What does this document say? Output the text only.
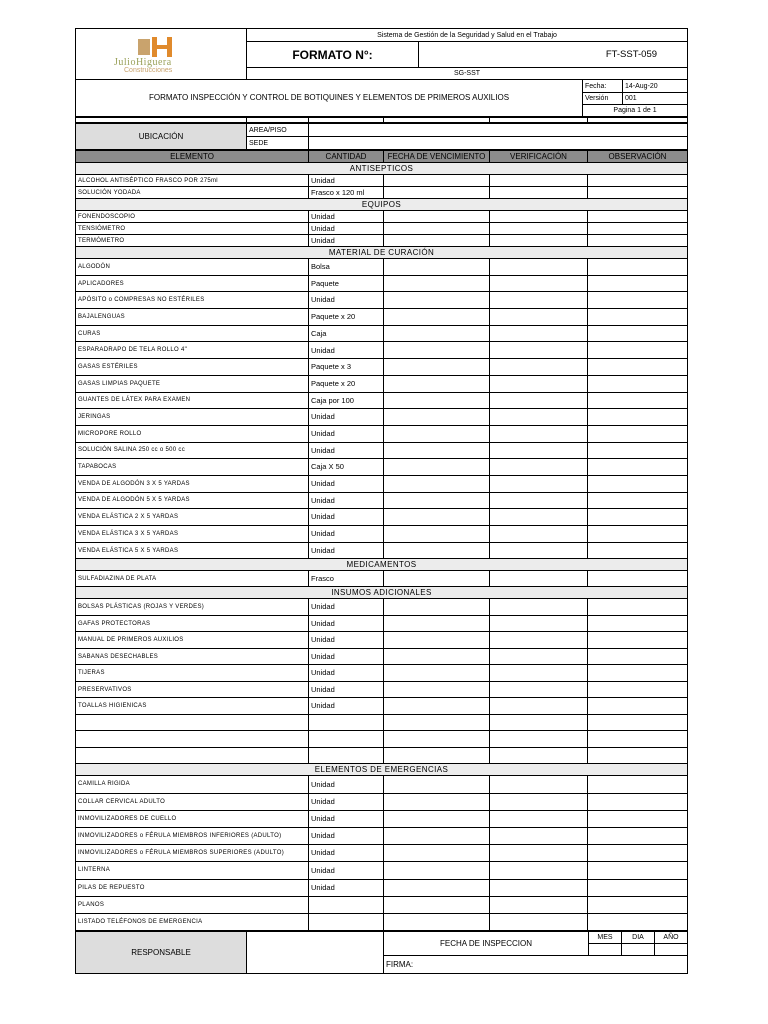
JulioHiguera
Construcciones	Sistema de Gestión de la Seguridad y Salud en el Trabajo			
	FORMATO N°:	FT-SST-059		
	SG-SST			
FORMATO INSPECCIÓN Y CONTROL DE BOTIQUINES Y ELEMENTOS DE PRIMEROS AUXILIOS			Fecha:	14-Aug-20
			Versión	001
			Pagina 1 de 1	

UBICACIÓN	AREA/PISO	
	SEDE	
ELEMENTO	CANTIDAD	FECHA DE VENCIMIENTO	VERIFICACIÓN	OBSERVACIÓN
ANTISEPTICOS				
ALCOHOL ANTISÉPTICO FRASCO POR 275ml	Unidad			
SOLUCIÓN YODADA	Frasco x 120 ml			
EQUIPOS				
FONENDOSCOPIO	Unidad			
TENSIÓMETRO	Unidad			
TERMÓMETRO	Unidad			
MATERIAL DE CURACIÓN				
ALGODÓN	Bolsa			
APLICADORES	Paquete			
APÓSITO o COMPRESAS NO ESTÉRILES	Unidad			
BAJALENGUAS	Paquete x 20			
CURAS	Caja			
ESPARADRAPO DE TELA ROLLO 4"	Unidad			
GASAS ESTÉRILES	Paquete x 3			
GASAS LIMPIAS PAQUETE	Paquete x 20			
GUANTES DE LÁTEX PARA EXAMEN	Caja por 100			
JERINGAS	Unidad			
MICROPORE ROLLO	Unidad			
SOLUCIÓN SALINA 250 cc o 500 cc	Unidad			
TAPABOCAS	Caja X 50			
VENDA DE ALGODÓN 3 X 5 YARDAS	Unidad			
VENDA DE ALGODÓN 5 X 5 YARDAS	Unidad			
VENDA ELÁSTICA 2 X 5 YARDAS	Unidad			
VENDA ELÁSTICA 3 X 5 YARDAS	Unidad			
VENDA ELÁSTICA 5 X 5 YARDAS	Unidad			
MEDICAMENTOS				
SULFADIAZINA DE PLATA	Frasco			
INSUMOS ADICIONALES				
BOLSAS PLÁSTICAS (ROJAS Y VERDES)	Unidad			
GAFAS PROTECTORAS	Unidad			
MANUAL DE PRIMEROS AUXILIOS	Unidad			
SABANAS DESECHABLES	Unidad			
TIJERAS	Unidad			
PRESERVATIVOS	Unidad			
TOALLAS HIGIENICAS	Unidad			

ELEMENTOS DE EMERGENCIAS				
CAMILLA RIGIDA	Unidad			
COLLAR CERVICAL ADULTO	Unidad			
INMOVILIZADORES DE CUELLO	Unidad			
INMOVILIZADORES o FÉRULA MIEMBROS INFERIORES (ADULTO)	Unidad			
INMOVILIZADORES o FÉRULA MIEMBROS SUPERIORES (ADULTO)	Unidad			
LINTERNA	Unidad			
PILAS DE REPUESTO	Unidad			
PLANOS				
LISTADO TELÉFONOS DE EMERGENCIA				
RESPONSABLE		FECHA DE INSPECCION	MES	DIA	AÑO

		FIRMA:			
